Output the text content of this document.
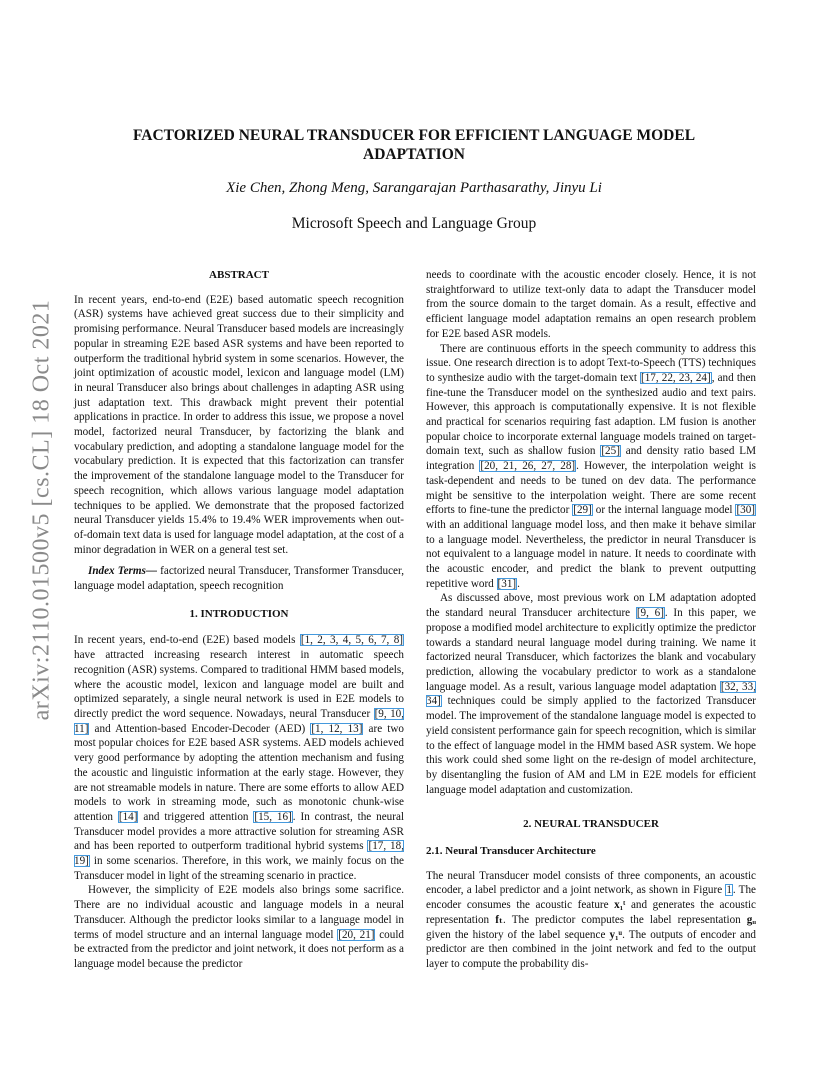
arXiv:2110.01500v5 [cs.CL] 18 Oct 2021
FACTORIZED NEURAL TRANSDUCER FOR EFFICIENT LANGUAGE MODEL
ADAPTATION
Xie Chen, Zhong Meng, Sarangarajan Parthasarathy, Jinyu Li
Microsoft Speech and Language Group

ABSTRACT

In recent years, end-to-end (E2E) based automatic speech recognition (ASR) systems have achieved great success due to their simplicity and promising performance. Neural Transducer based models are increasingly popular in streaming E2E based ASR systems and have been reported to outperform the traditional hybrid system in some scenarios. However, the joint optimization of acoustic model, lexicon and language model (LM) in neural Transducer also brings about challenges in adapting ASR using just adaptation text. This drawback might prevent their potential applications in practice. In order to address this issue, we propose a novel model, factorized neural Transducer, by factorizing the blank and vocabulary prediction, and adopting a standalone language model for the vocabulary prediction. It is expected that this factorization can transfer the improvement of the standalone language model to the Transducer for speech recognition, which allows various language model adaptation techniques to be applied. We demonstrate that the proposed factorized neural Transducer yields 15.4% to 19.4% WER improvements when out-of-domain text data is used for language model adaptation, at the cost of a minor degradation in WER on a general test set.

Index Terms— factorized neural Transducer, Transformer Transducer, language model adaptation, speech recognition

1. INTRODUCTION

In recent years, end-to-end (E2E) based models [1, 2, 3, 4, 5, 6, 7, 8] have attracted increasing research interest in automatic speech recognition (ASR) systems. Compared to traditional HMM based models, where the acoustic model, lexicon and language model are built and optimized separately, a single neural network is used in E2E models to directly predict the word sequence. Nowadays, neural Transducer [9, 10, 11] and Attention-based Encoder-Decoder (AED) [1, 12, 13] are two most popular choices for E2E based ASR systems. AED models achieved very good performance by adopting the attention mechanism and fusing the acoustic and linguistic information at the early stage. However, they are not streamable models in nature. There are some efforts to allow AED models to work in streaming mode, such as monotonic chunk-wise attention [14] and triggered attention [15, 16]. In contrast, the neural Transducer model provides a more attractive solution for streaming ASR and has been reported to outperform traditional hybrid systems [17, 18, 19] in some scenarios. Therefore, in this work, we mainly focus on the Transducer model in light of the streaming scenario in practice.

However, the simplicity of E2E models also brings some sacrifice. There are no individual acoustic and language models in a neural Transducer. Although the predictor looks similar to a language model in terms of model structure and an internal language model [20, 21] could be extracted from the predictor and joint network, it does not perform as a language model because the predictor

needs to coordinate with the acoustic encoder closely. Hence, it is not straightforward to utilize text-only data to adapt the Transducer model from the source domain to the target domain. As a result, effective and efficient language model adaptation remains an open research problem for E2E based ASR models.

There are continuous efforts in the speech community to address this issue. One research direction is to adopt Text-to-Speech (TTS) techniques to synthesize audio with the target-domain text [17, 22, 23, 24], and then fine-tune the Transducer model on the synthesized audio and text pairs. However, this approach is computationally expensive. It is not flexible and practical for scenarios requiring fast adaption. LM fusion is another popular choice to incorporate external language models trained on target-domain text, such as shallow fusion [25] and density ratio based LM integration [20, 21, 26, 27, 28]. However, the interpolation weight is task-dependent and needs to be tuned on dev data. The performance might be sensitive to the interpolation weight. There are some recent efforts to fine-tune the predictor [29] or the internal language model [30] with an additional language model loss, and then make it behave similar to a language model. Nevertheless, the predictor in neural Transducer is not equivalent to a language model in nature. It needs to coordinate with the acoustic encoder, and predict the blank to prevent outputting repetitive word [31].

As discussed above, most previous work on LM adaptation adopted the standard neural Transducer architecture [9, 6]. In this paper, we propose a modified model architecture to explicitly optimize the predictor towards a standard neural language model during training. We name it factorized neural Transducer, which factorizes the blank and vocabulary prediction, allowing the vocabulary predictor to work as a standalone language model. As a result, various language model adaptation [32, 33, 34] techniques could be simply applied to the factorized Transducer model. The improvement of the standalone language model is expected to yield consistent performance gain for speech recognition, which is similar to the effect of language model in the HMM based ASR system. We hope this work could shed some light on the re-design of model architecture, by disentangling the fusion of AM and LM in E2E models for efficient language model adaptation and customization.

2. NEURAL TRANSDUCER

2.1. Neural Transducer Architecture

The neural Transducer model consists of three components, an acoustic encoder, a label predictor and a joint network, as shown in Figure 1. The encoder consumes the acoustic feature x₁ᵗ and generates the acoustic representation fₜ. The predictor computes the label representation gᵤ given the history of the label sequence y₁ᵘ. The outputs of encoder and predictor are then combined in the joint network and fed to the output layer to compute the probability dis-
